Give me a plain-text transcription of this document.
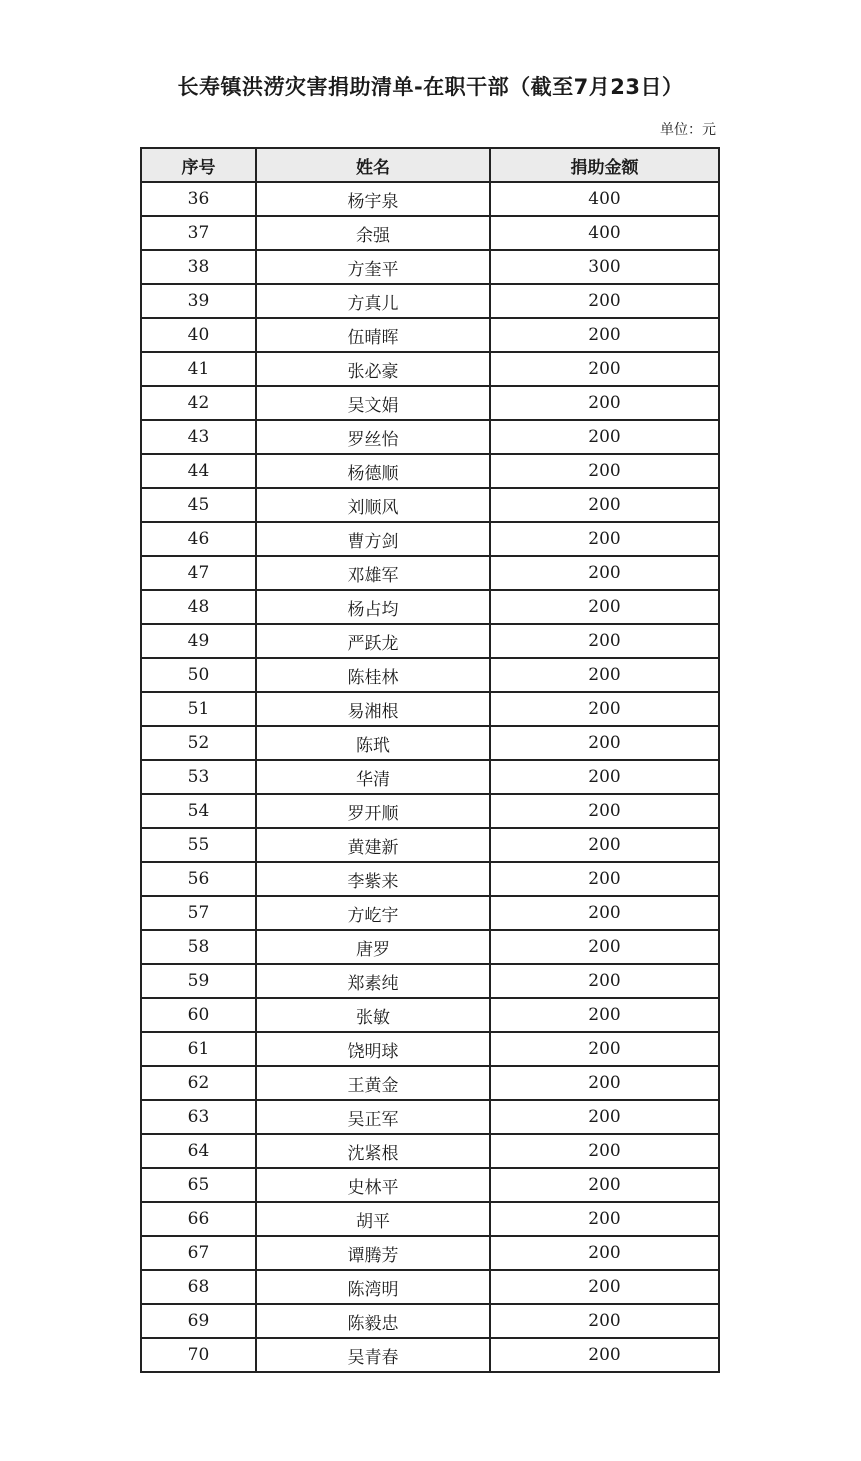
长寿镇洪涝灾害捐助清单-在职干部（截至7月23日）
单位：元
序号	姓名	捐助金额
36	杨宇泉	400
37	余强	400
38	方奎平	300
39	方真儿	200
40	伍晴晖	200
41	张必豪	200
42	吴文娟	200
43	罗丝怡	200
44	杨德顺	200
45	刘顺风	200
46	曹方剑	200
47	邓雄军	200
48	杨占均	200
49	严跃龙	200
50	陈桂林	200
51	易湘根	200
52	陈玳	200
53	华清	200
54	罗开顺	200
55	黄建新	200
56	李紫来	200
57	方屹宇	200
58	唐罗	200
59	郑素纯	200
60	张敏	200
61	饶明球	200
62	王黄金	200
63	吴正军	200
64	沈紧根	200
65	史林平	200
66	胡平	200
67	谭腾芳	200
68	陈湾明	200
69	陈毅忠	200
70	吴青春	200
